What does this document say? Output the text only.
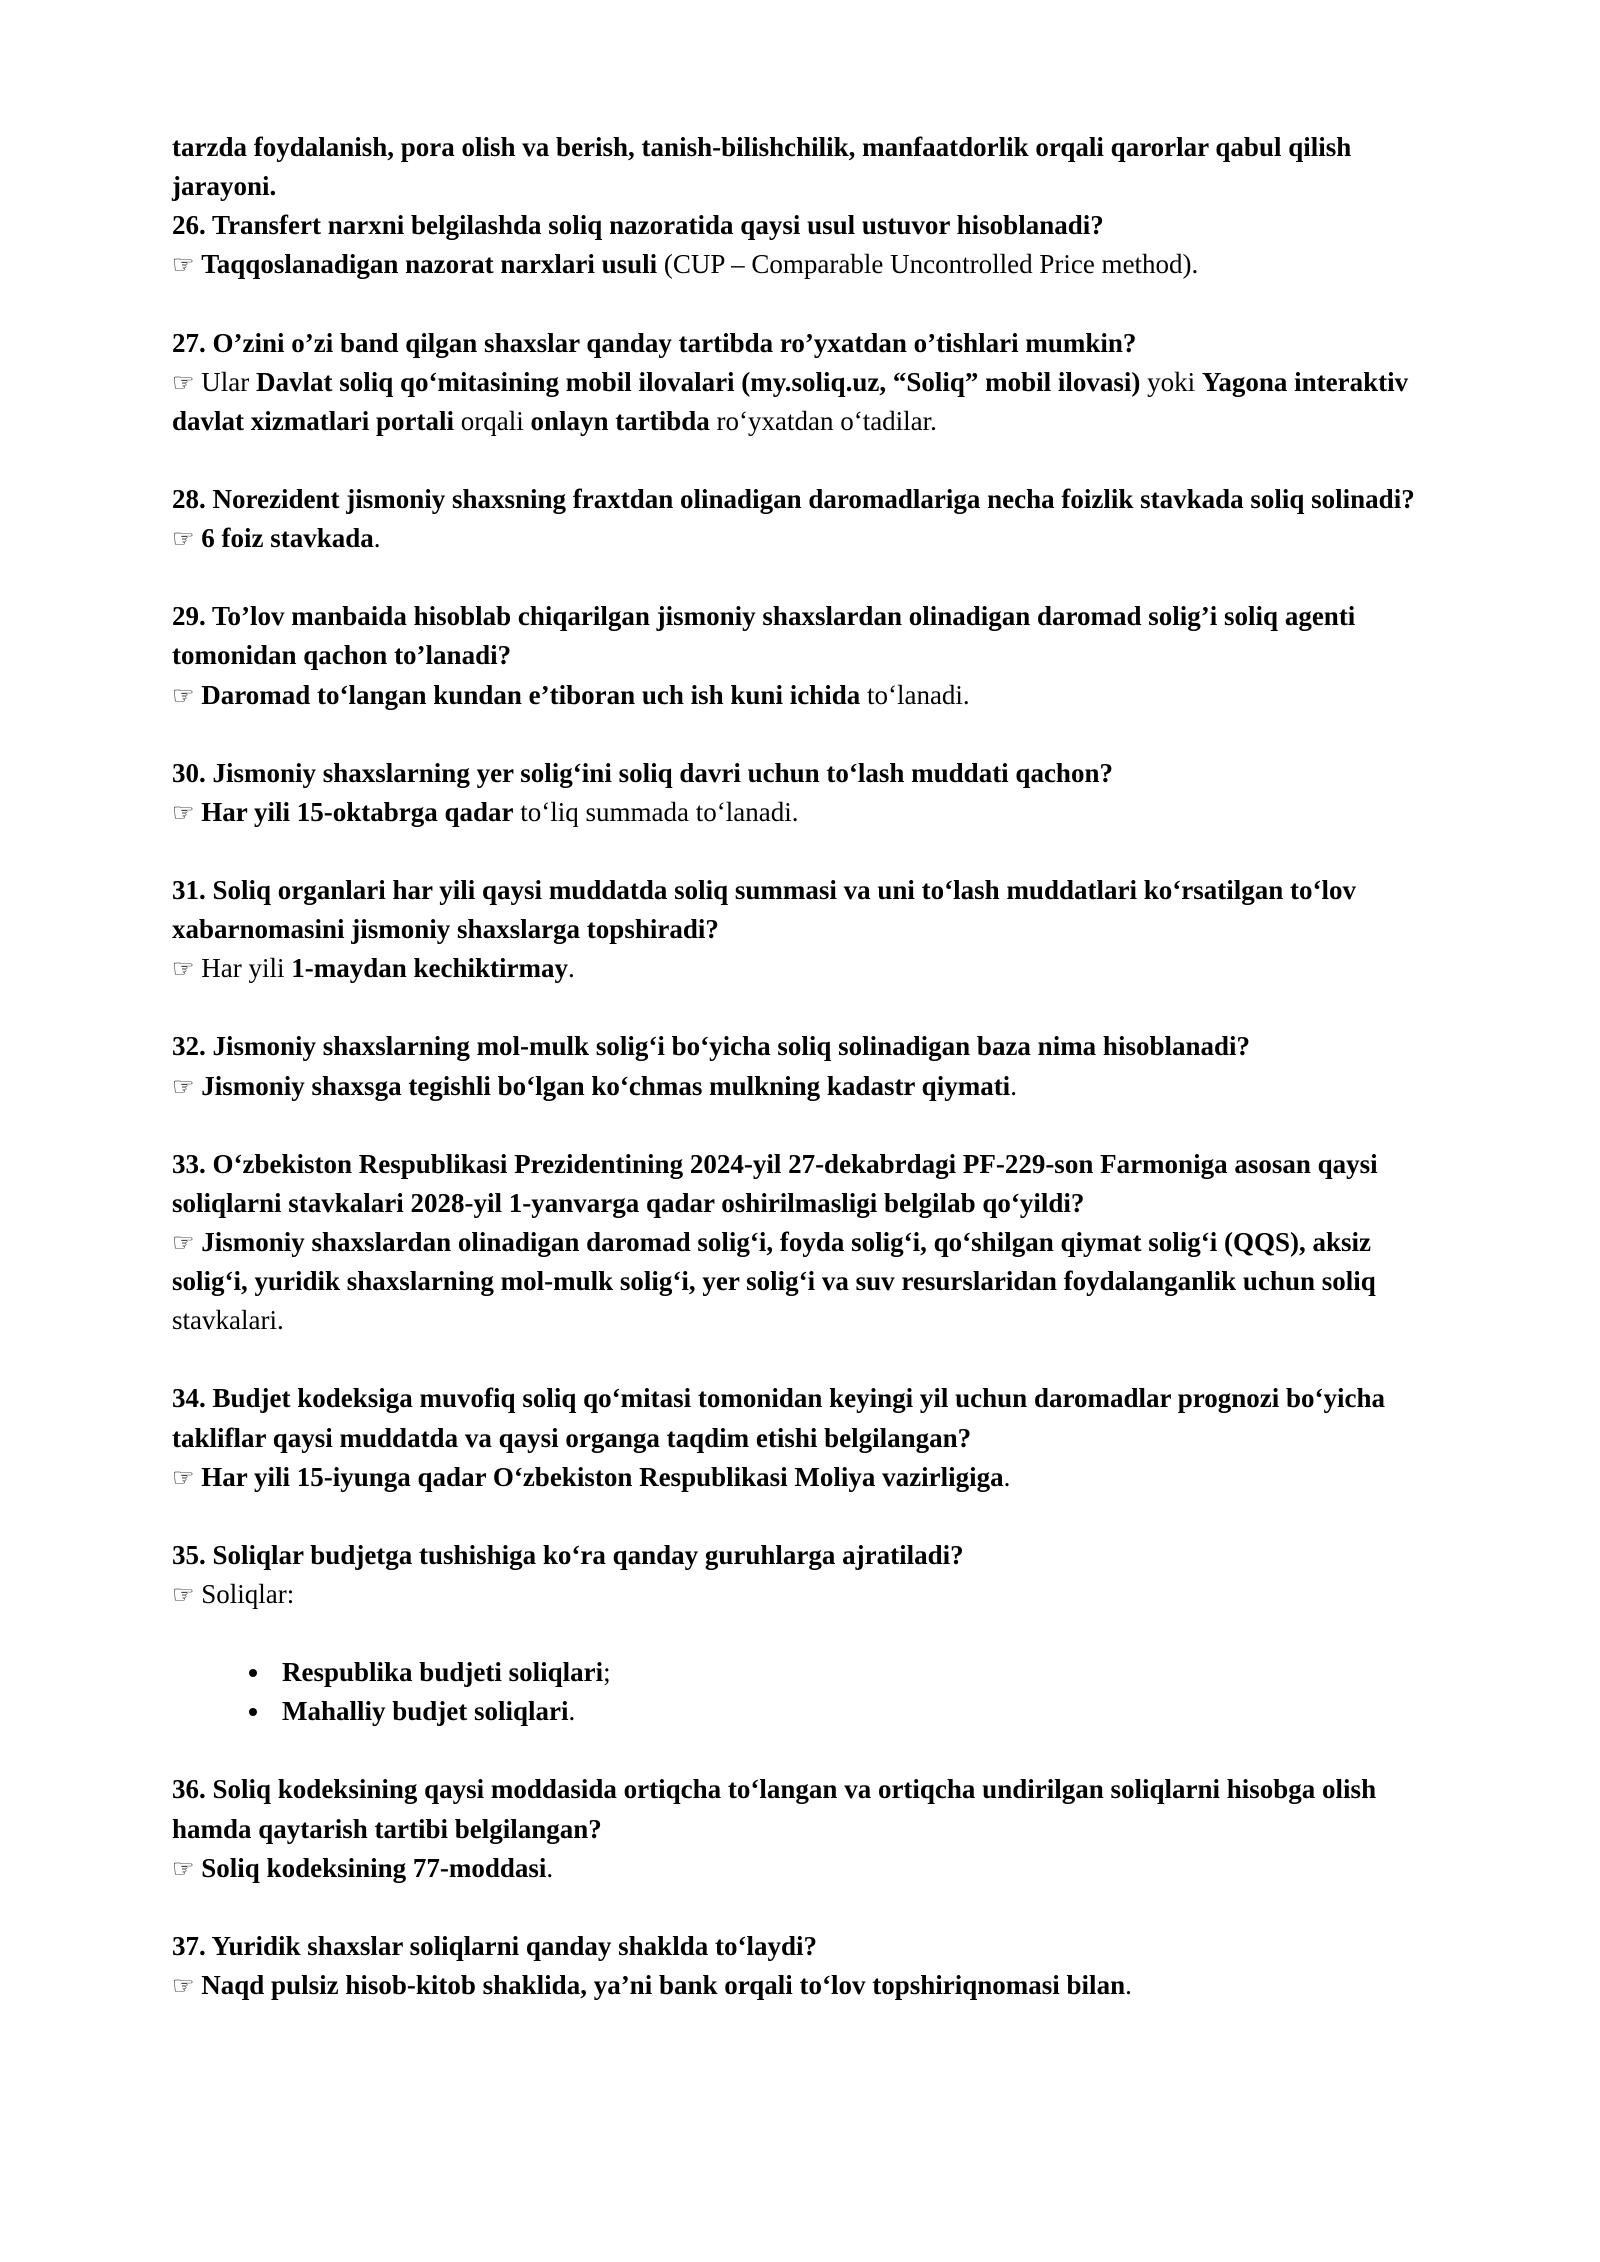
tarzda foydalanish, pora olish va berish, tanish-bilishchilik, manfaatdorlik orqali qarorlar qabul qilish jarayoni.

26. Transfert narxni belgilashda soliq nazoratida qaysi usul ustuvor hisoblanadi?

☞ Taqqoslanadigan nazorat narxlari usuli (CUP – Comparable Uncontrolled Price method).

27. O’zini o’zi band qilgan shaxslar qanday tartibda ro’yxatdan o’tishlari mumkin?

☞ Ular Davlat soliq qoʻmitasining mobil ilovalari (my.soliq.uz, “Soliq” mobil ilovasi) yoki Yagona interaktiv davlat xizmatlari portali orqali onlayn tartibda roʻyxatdan oʻtadilar.

28. Norezident jismoniy shaxsning fraxtdan olinadigan daromadlariga necha foizlik stavkada soliq solinadi?

☞ 6 foiz stavkada.

29. To’lov manbaida hisoblab chiqarilgan jismoniy shaxslardan olinadigan daromad solig’i soliq agenti tomonidan qachon to’lanadi?

☞ Daromad toʻlangan kundan e’tiboran uch ish kuni ichida toʻlanadi.

30. Jismoniy shaxslarning yer soligʻini soliq davri uchun toʻlash muddati qachon?

☞ Har yili 15-oktabrga qadar toʻliq summada toʻlanadi.

31. Soliq organlari har yili qaysi muddatda soliq summasi va uni toʻlash muddatlari koʻrsatilgan toʻlov xabarnomasini jismoniy shaxslarga topshiradi?

☞ Har yili 1-maydan kechiktirmay.

32. Jismoniy shaxslarning mol-mulk soligʻi boʻyicha soliq solinadigan baza nima hisoblanadi?

☞ Jismoniy shaxsga tegishli boʻlgan koʻchmas mulkning kadastr qiymati.

33. Oʻzbekiston Respublikasi Prezidentining 2024-yil 27-dekabrdagi PF-229-son Farmoniga asosan qaysi soliqlarni stavkalari 2028-yil 1-yanvarga qadar oshirilmasligi belgilab qoʻyildi?

☞ Jismoniy shaxslardan olinadigan daromad soligʻi, foyda soligʻi, qoʻshilgan qiymat soligʻi (QQS), aksiz soligʻi, yuridik shaxslarning mol-mulk soligʻi, yer soligʻi va suv resurslaridan foydalanganlik uchun soliq stavkalari.

34. Budjet kodeksiga muvofiq soliq qoʻmitasi tomonidan keyingi yil uchun daromadlar prognozi boʻyicha takliflar qaysi muddatda va qaysi organga taqdim etishi belgilangan?

☞ Har yili 15-iyunga qadar Oʻzbekiston Respublikasi Moliya vazirligiga.

35. Soliqlar budjetga tushishiga koʻra qanday guruhlarga ajratiladi?

☞ Soliqlar:

• Respublika budjeti soliqlari;
• Mahalliy budjet soliqlari.

36. Soliq kodeksining qaysi moddasida ortiqcha toʻlangan va ortiqcha undirilgan soliqlarni hisobga olish hamda qaytarish tartibi belgilangan?

☞ Soliq kodeksining 77-moddasi.

37. Yuridik shaxslar soliqlarni qanday shaklda toʻlaydi?

☞ Naqd pulsiz hisob-kitob shaklida, ya’ni bank orqali toʻlov topshiriqnomasi bilan.
